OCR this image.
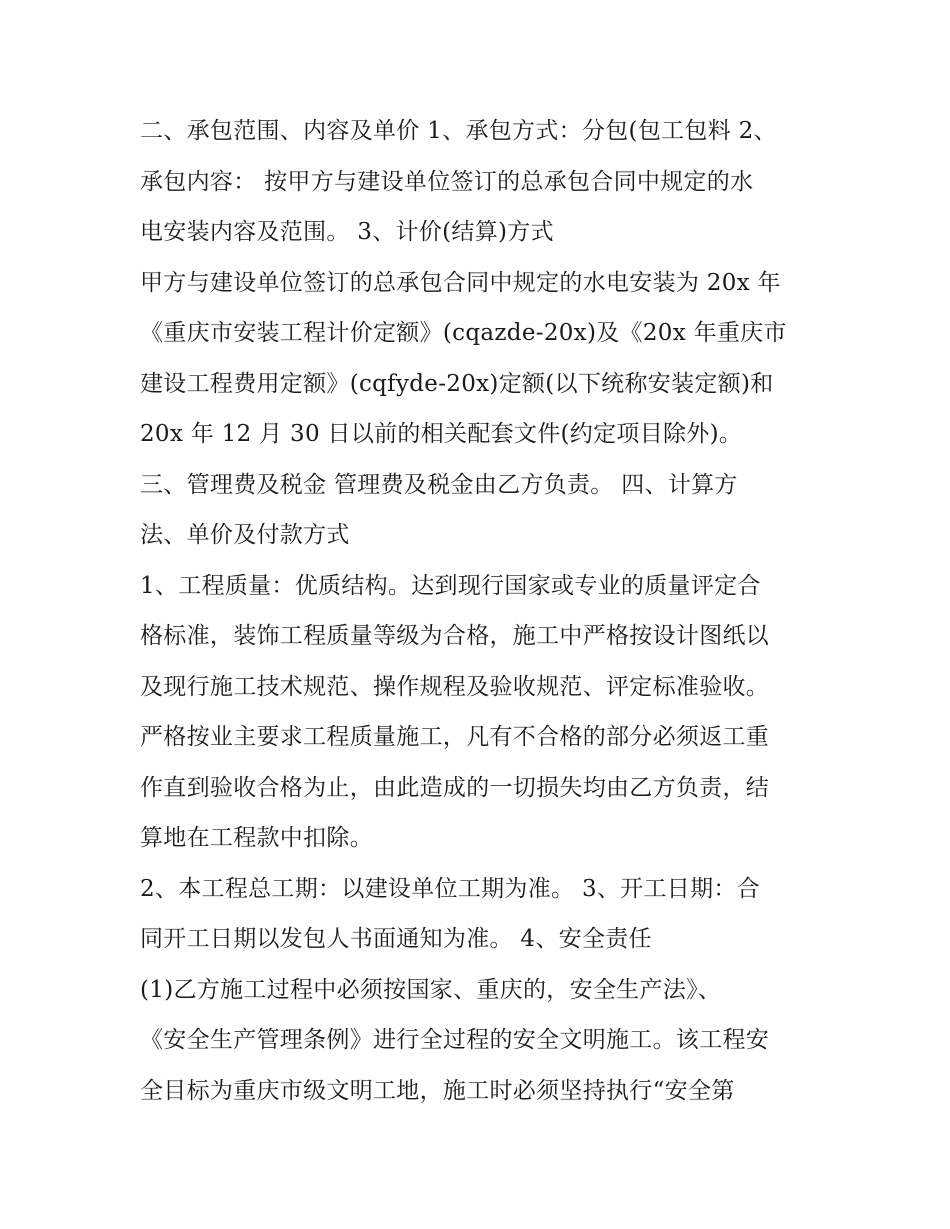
二、承包范围、内容及单价 1、承包方式：分包(包工包料 2、
承包内容： 按甲方与建设单位签订的总承包合同中规定的水
电安装内容及范围。 3、计价(结算)方式
甲方与建设单位签订的总承包合同中规定的水电安装为 20x 年
《重庆市安装工程计价定额》(cqazde-20x)及《20x 年重庆市
建设工程费用定额》(cqfyde-20x)定额(以下统称安装定额)和
20x 年 12 月 30 日以前的相关配套文件(约定项目除外)。
三、管理费及税金 管理费及税金由乙方负责。 四、计算方
法、单价及付款方式
1、工程质量：优质结构。达到现行国家或专业的质量评定合
格标准，装饰工程质量等级为合格，施工中严格按设计图纸以
及现行施工技术规范、操作规程及验收规范、评定标准验收。
严格按业主要求工程质量施工，凡有不合格的部分必须返工重
作直到验收合格为止，由此造成的一切损失均由乙方负责，结
算地在工程款中扣除。
2、本工程总工期：以建设单位工期为准。 3、开工日期：合
同开工日期以发包人书面通知为准。 4、安全责任
(1)乙方施工过程中必须按国家、重庆的，安全生产法》、
《安全生产管理条例》进行全过程的安全文明施工。该工程安
全目标为重庆市级文明工地，施工时必须坚持执行“安全第
